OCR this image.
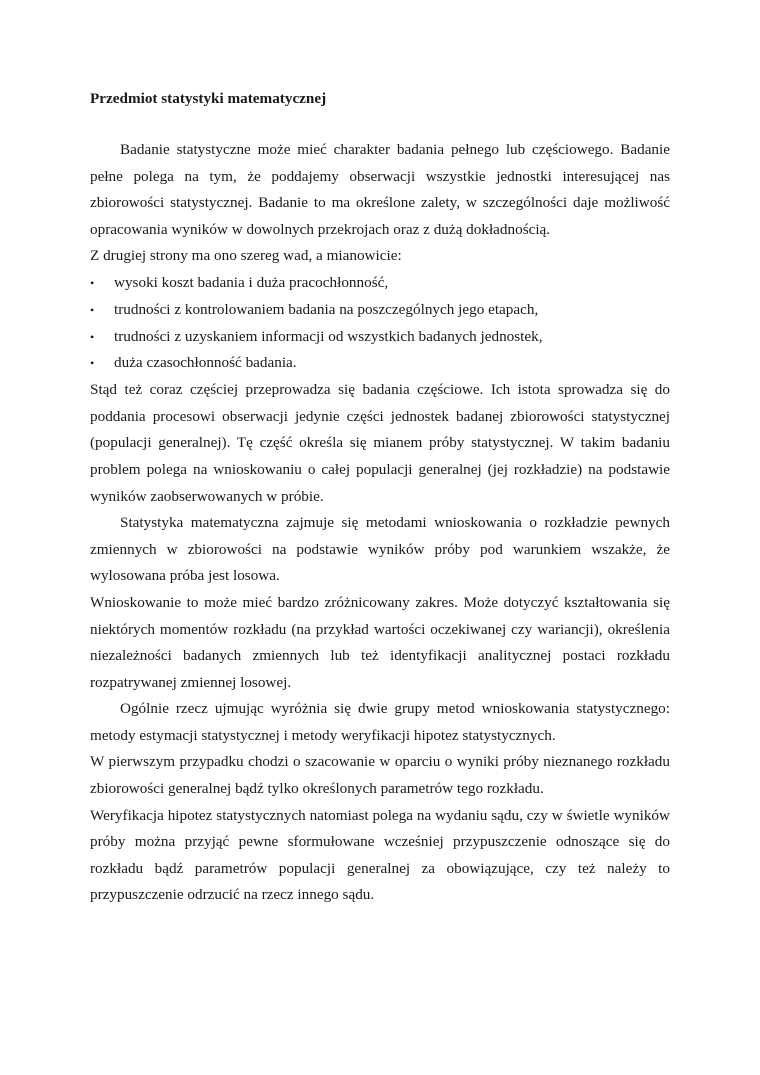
Przedmiot statystyki matematycznej

Badanie statystyczne może mieć charakter badania pełnego lub częściowego. Badanie pełne polega na tym, że poddajemy obserwacji wszystkie jednostki interesującej nas zbiorowości statystycznej. Badanie to ma określone zalety, w szczególności daje możliwość opracowania wyników w dowolnych przekrojach oraz z dużą dokładnością.

Z drugiej strony ma ono szereg wad, a mianowicie:

• wysoki koszt badania i duża pracochłonność,
• trudności z kontrolowaniem badania na poszczególnych jego etapach,
• trudności z uzyskaniem informacji od wszystkich badanych jednostek,
• duża czasochłonność badania.

Stąd też coraz częściej przeprowadza się badania częściowe. Ich istota sprowadza się do poddania procesowi obserwacji jedynie części jednostek badanej zbiorowości statystycznej (populacji generalnej). Tę część określa się mianem próby statystycznej. W takim badaniu problem polega na wnioskowaniu o całej populacji generalnej (jej rozkładzie) na podstawie wyników zaobserwowanych w próbie.

Statystyka matematyczna zajmuje się metodami wnioskowania o rozkładzie pewnych zmiennych w zbiorowości na podstawie wyników próby pod warunkiem wszakże, że wylosowana próba jest losowa.

Wnioskowanie to może mieć bardzo zróżnicowany zakres. Może dotyczyć kształtowania się niektórych momentów rozkładu (na przykład wartości oczekiwanej czy wariancji), określenia niezależności badanych zmiennych lub też identyfikacji analitycznej postaci rozkładu rozpatrywanej zmiennej losowej.

Ogólnie rzecz ujmując wyróżnia się dwie grupy metod wnioskowania statystycznego: metody estymacji statystycznej i metody weryfikacji hipotez statystycznych.

W pierwszym przypadku chodzi o szacowanie w oparciu o wyniki próby nieznanego rozkładu zbiorowości generalnej bądź tylko określonych parametrów tego rozkładu.

Weryfikacja hipotez statystycznych natomiast polega na wydaniu sądu, czy w świetle wyników próby można przyjąć pewne sformułowane wcześniej przypuszczenie odnoszące się do rozkładu bądź parametrów populacji generalnej za obowiązujące, czy też należy to przypuszczenie odrzucić na rzecz innego sądu.
